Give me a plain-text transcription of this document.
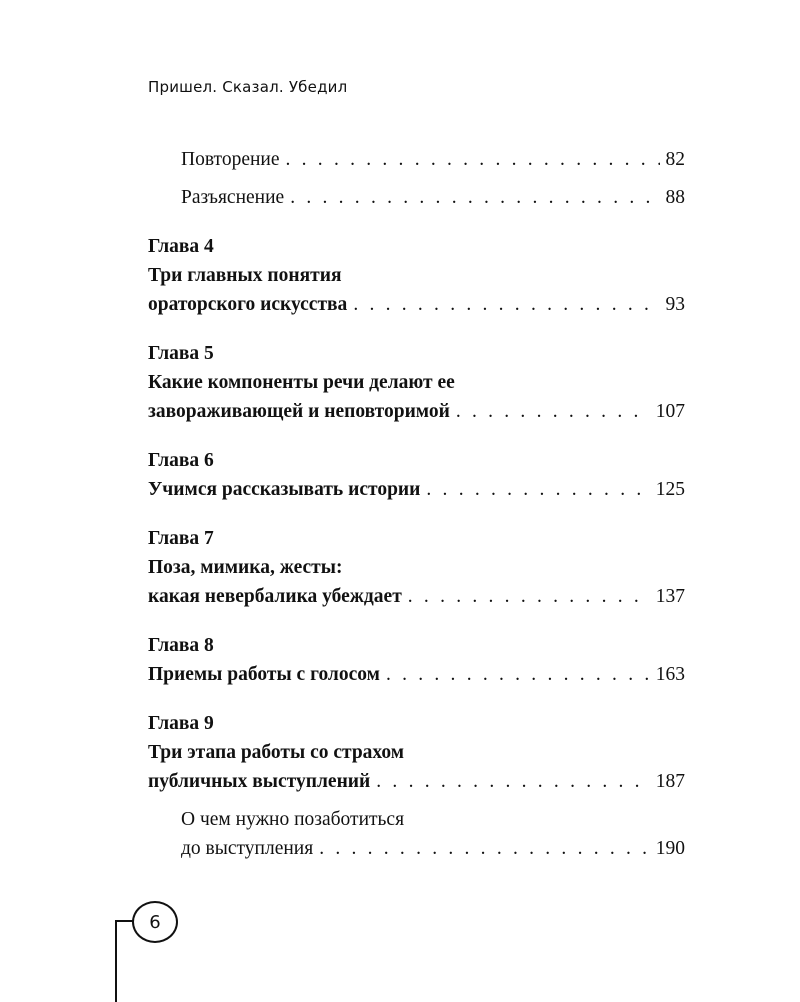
Пришел. Сказал. Убедил
Повторение . . .	82
Разъяснение . . .	88
Глава 4
Три главных понятия
ораторского искусства . . .	93
Глава 5
Какие компоненты речи делают ее
завораживающей и неповторимой . . .	107
Глава 6
Учимся рассказывать истории . . .	125
Глава 7
Поза, мимика, жесты:
какая невербалика убеждает . . .	137
Глава 8
Приемы работы с голосом . . .	163
Глава 9
Три этапа работы со страхом
публичных выступлений . . .	187
О чем нужно позаботиться
до выступления . . .	190
6
